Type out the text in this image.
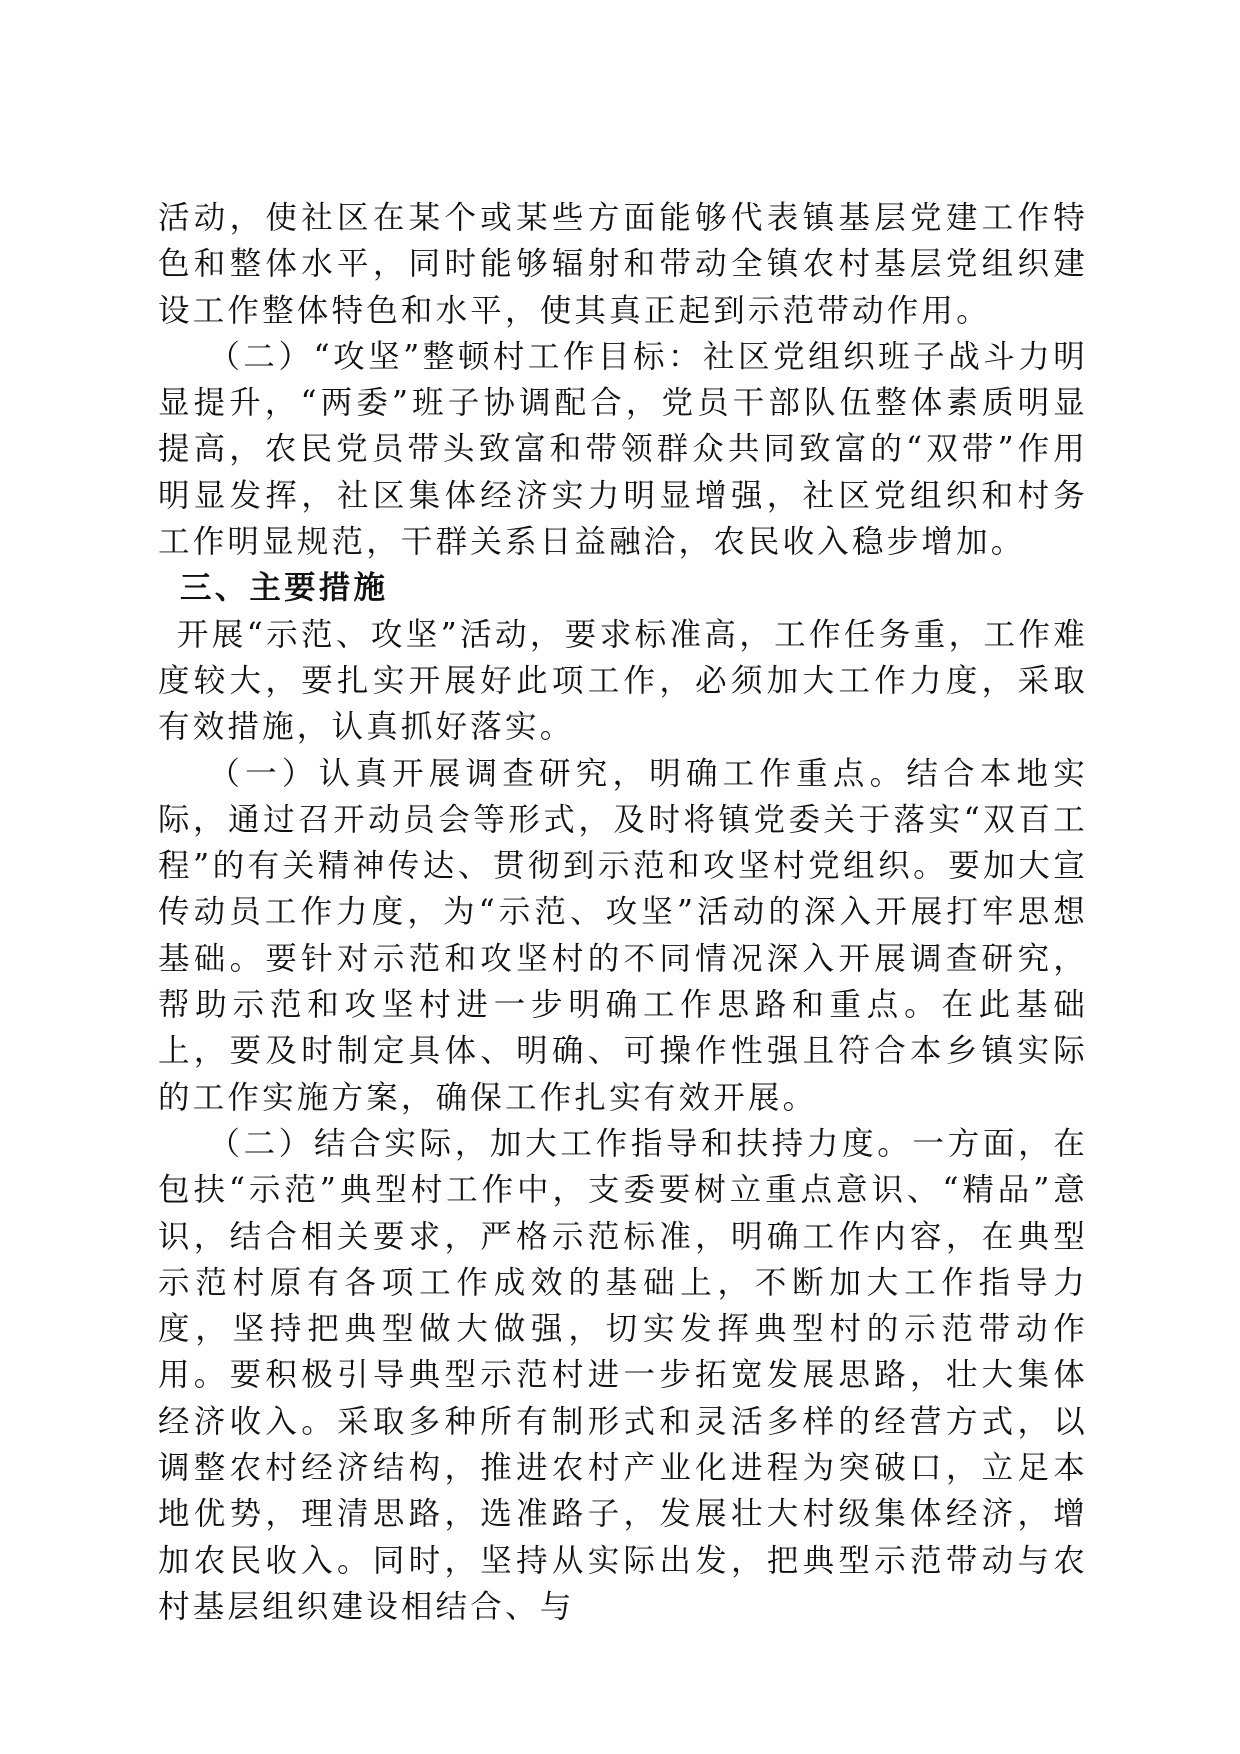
活动，使社区在某个或某些方面能够代表镇基层党建工作特色和整体水平，同时能够辐射和带动全镇农村基层党组织建设工作整体特色和水平，使其真正起到示范带动作用。

（二）“攻坚”整顿村工作目标：社区党组织班子战斗力明显提升，“两委”班子协调配合，党员干部队伍整体素质明显提高，农民党员带头致富和带领群众共同致富的“双带”作用明显发挥，社区集体经济实力明显增强，社区党组织和村务工作明显规范，干群关系日益融洽，农民收入稳步增加。

三、主要措施

开展“示范、攻坚”活动，要求标准高，工作任务重，工作难度较大，要扎实开展好此项工作，必须加大工作力度，采取有效措施，认真抓好落实。

（一）认真开展调查研究，明确工作重点。结合本地实际，通过召开动员会等形式，及时将镇党委关于落实“双百工程”的有关精神传达、贯彻到示范和攻坚村党组织。要加大宣传动员工作力度，为“示范、攻坚”活动的深入开展打牢思想基础。要针对示范和攻坚村的不同情况深入开展调查研究，帮助示范和攻坚村进一步明确工作思路和重点。在此基础上，要及时制定具体、明确、可操作性强且符合本乡镇实际的工作实施方案，确保工作扎实有效开展。

（二）结合实际，加大工作指导和扶持力度。一方面，在包扶“示范”典型村工作中，支委要树立重点意识、“精品”意识，结合相关要求，严格示范标准，明确工作内容，在典型示范村原有各项工作成效的基础上，不断加大工作指导力度，坚持把典型做大做强，切实发挥典型村的示范带动作用。要积极引导典型示范村进一步拓宽发展思路，壮大集体经济收入。采取多种所有制形式和灵活多样的经营方式，以调整农村经济结构，推进农村产业化进程为突破口，立足本地优势，理清思路，选准路子，发展壮大村级集体经济，增加农民收入。同时，坚持从实际出发，把典型示范带动与农村基层组织建设相结合、与
